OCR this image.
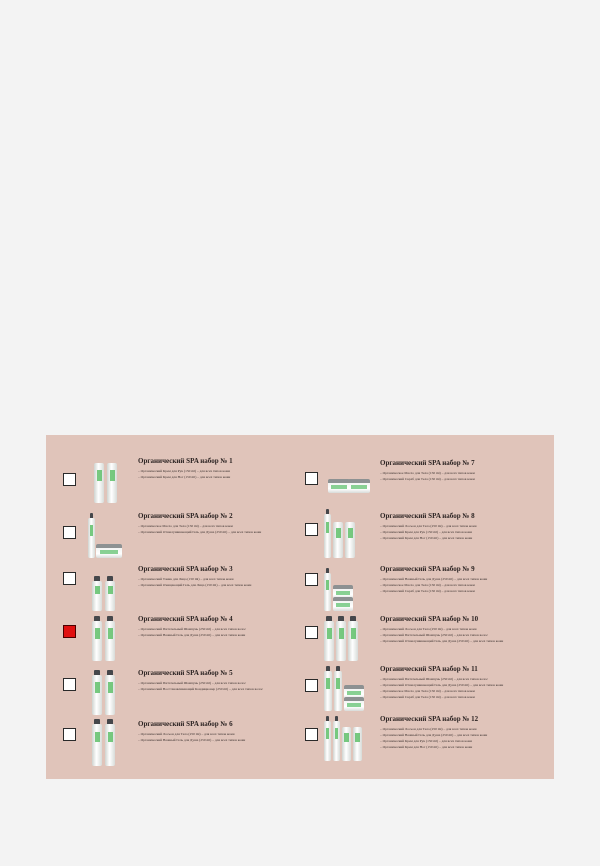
Органический SPA набор № 1
– Органический Крем для Рук (150 ml) – для всех типов кожи
– Органический Крем для Ног (150 ml) – для всех типов кожи
Органический SPA набор № 2
– Органическое Масло для Тела (150 ml) – для всех типов кожи
– Органический Отшелушивающий Гель для Душа (250 ml) – для всех типов кожи
Органический SPA набор № 3
– Органический Тоник для Лица (150 ml) – для всех типов кожи
– Органический Очищающий Гель для Лица (150 ml) – для всех типов кожи
Органический SPA набор № 4
– Органический Питательный Шампунь (250 ml) – для всех типов волос
– Органический Нежный Гель для Душа (250 ml) – для всех типов кожи
Органический SPA набор № 5
– Органический Питательный Шампунь (250 ml) – для всех типов волос
– Органический Восстанавливающий Кондиционер (250 ml) – для всех типов волос
Органический SPA набор № 6
– Органический Лосьон для Тела (250 ml) – для всех типов кожи
– Органический Нежный Гель для Душа (250 ml) – для всех типов кожи
Органический SPA набор № 7
– Органическое Масло для Тела (150 ml) – для всех типов кожи
– Органический Скраб для Тела (150 ml) – для всех типов кожи
Органический SPA набор № 8
– Органический Лосьон для Тела (250 ml) – для всех типов кожи
– Органический Крем для Рук (150 ml) – для всех типов кожи
– Органический Крем для Ног (150 ml) – для всех типов кожи
Органический SPA набор № 9
– Органический Нежный Гель для Душа (250 ml) – для всех типов кожи
– Органическое Масло для Тела (150 ml) – для всех типов кожи
– Органический Скраб для Тела (150 ml) – для всех типов кожи
Органический SPA набор № 10
– Органический Лосьон для Тела (250 ml) – для всех типов кожи
– Органический Питательный Шампунь (250 ml) – для всех типов волос
– Органический Отшелушивающий Гель для Душа (250 ml) – для всех типов кожи
Органический SPA набор № 11
– Органический Питательный Шампунь (250 ml) – для всех типов волос
– Органический Отшелушивающий Гель для Душа (250 ml) – для всех типов кожи
– Органическое Масло для Тела (150 ml) – для всех типов кожи
– Органический Скраб для Тела (150 ml) – для всех типов кожи
Органический SPA набор № 12
– Органический Лосьон для Тела (250 ml) – для всех типов кожи
– Органический Нежный Гель для Душа (250 ml) – для всех типов кожи
– Органический Крем для Рук (150 ml) – для всех типов кожи
– Органический Крем для Ног (150 ml) – для всех типов кожи
